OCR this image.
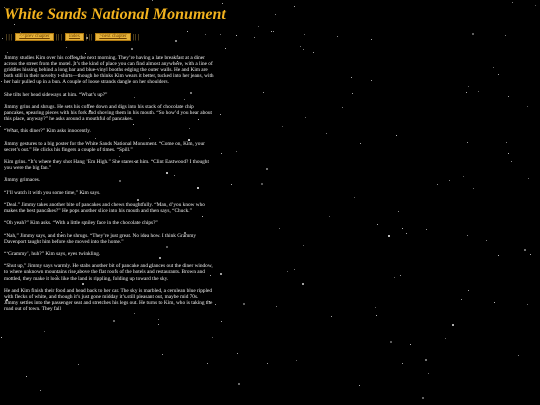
White Sands National Monument
|||	<<prev chapter |||	index |||	>next chapter |||

Jimmy studies Kim over his coffee the next morning. They’re having a late breakfast at a diner across the street from the motel. It’s the kind of place you can find almost anywhere, with a line of griddles hissing behind a long bar and blue-vinyl booths edging the outer walls. He and Kim are both still in their novelty t-shirts—though he thinks Kim wears it better, tucked into her jeans, with her hair pulled up in a bun. A couple of loose strands dangle on her shoulders.

She tilts her head sideways at him. “What’s up?”

Jimmy grins and shrugs. He sets his coffee down and digs into his stack of chocolate chip pancakes, spearing pieces with his fork and shoving them in his mouth. “So how’d you hear about this place, anyway?” he asks around a mouthful of pancakes.

“What, this diner?” Kim asks innocently.

Jimmy gestures to a big poster for the White Sands National Monument. “Come on, Kim, your secret’s out.” He clicks his fingers a couple of times. “Spill.”

Kim grins. “It’s where they shot Hang ’Em High.” She stares at him. “Clint Eastwood? I thought you were the big fan.”

Jimmy grimaces.

“I’ll watch it with you some time,” Kim says.

“Deal.” Jimmy takes another bite of pancakes and chews thoughtfully. “Man, d’you know who makes the best pancakes?” He pops another slice into his mouth and then says, “Chuck.”

“Oh yeah?” Kim asks. “With a little smiley face in the chocolate chips?”

“Nah,” Jimmy says, and then he shrugs. “They’re just great. No idea how. I think Grammy Davenport taught him before she moved into the home.”

“‘Grammy’, huh?” Kim says, eyes twinkling.

“Shut up,” Jimmy says warmly. He stabs another bit of pancake and glances out the diner window, to where unknown mountains rise above the flat roofs of the hotels and restaurants. Brown and mottled, they make it look like the land is rippling, folding up toward the sky.

He and Kim finish their food and head back to her car. The sky is marbled, a cerulean blue rippled with flecks of white, and though it’s just gone midday it’s still pleasant out, maybe mid 70s. Jimmy settles into the passenger seat and stretches his legs out. He turns to Kim, who is taking the road out of town. They fall
